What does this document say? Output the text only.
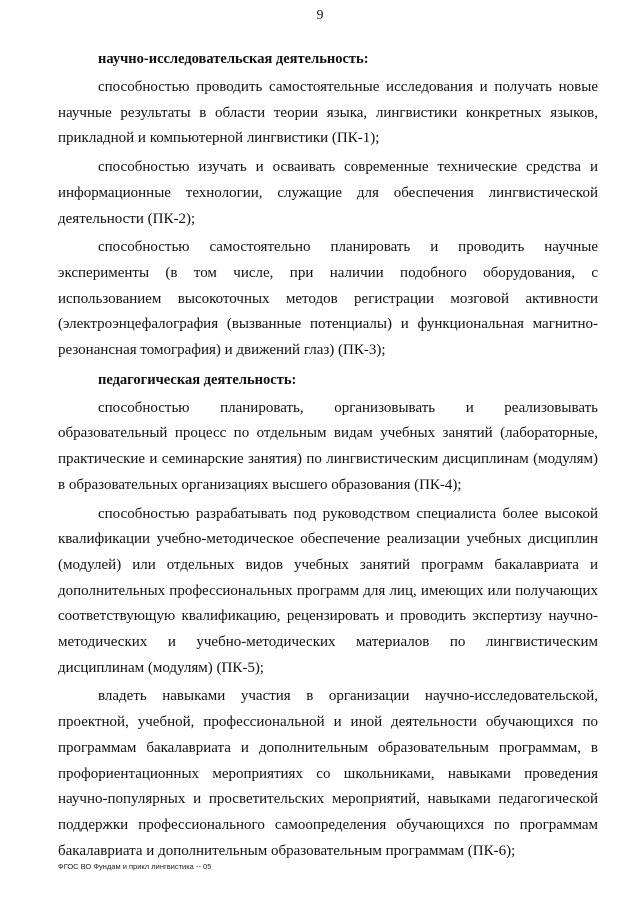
9

научно-исследовательская деятельность:

способностью проводить самостоятельные исследования и получать новые научные результаты в области теории языка, лингвистики конкретных языков, прикладной и компьютерной лингвистики (ПК-1);

способностью изучать и осваивать современные технические средства и информационные технологии, служащие для обеспечения лингвистической деятельности (ПК-2);

способностью самостоятельно планировать и проводить научные эксперименты (в том числе, при наличии подобного оборудования, с использованием высокоточных методов регистрации мозговой активности (электроэнцефалография (вызванные потенциалы) и функциональная магнитно-резонансная томография) и движений глаз) (ПК-3);

педагогическая деятельность:

способностью планировать, организовывать и реализовывать образовательный процесс по отдельным видам учебных занятий (лабораторные, практические и семинарские занятия) по лингвистическим дисциплинам (модулям) в образовательных организациях высшего образования (ПК-4);

способностью разрабатывать под руководством специалиста более высокой квалификации учебно-методическое обеспечение реализации учебных дисциплин (модулей) или отдельных видов учебных занятий программ бакалавриата и дополнительных профессиональных программ для лиц, имеющих или получающих соответствующую квалификацию, рецензировать и проводить экспертизу научно-методических и учебно-методических материалов по лингвистическим дисциплинам (модулям) (ПК-5);

владеть навыками участия в организации научно-исследовательской, проектной, учебной, профессиональной и иной деятельности обучающихся по программам бакалавриата и дополнительным образовательным программам, в профориентационных мероприятиях со школьниками, навыками проведения научно-популярных и просветительских мероприятий, навыками педагогической поддержки профессионального самоопределения обучающихся по программам бакалавриата и дополнительным образовательным программам (ПК-6);

ФГОС ВО Фундам и прикл лингвистика -- 05
